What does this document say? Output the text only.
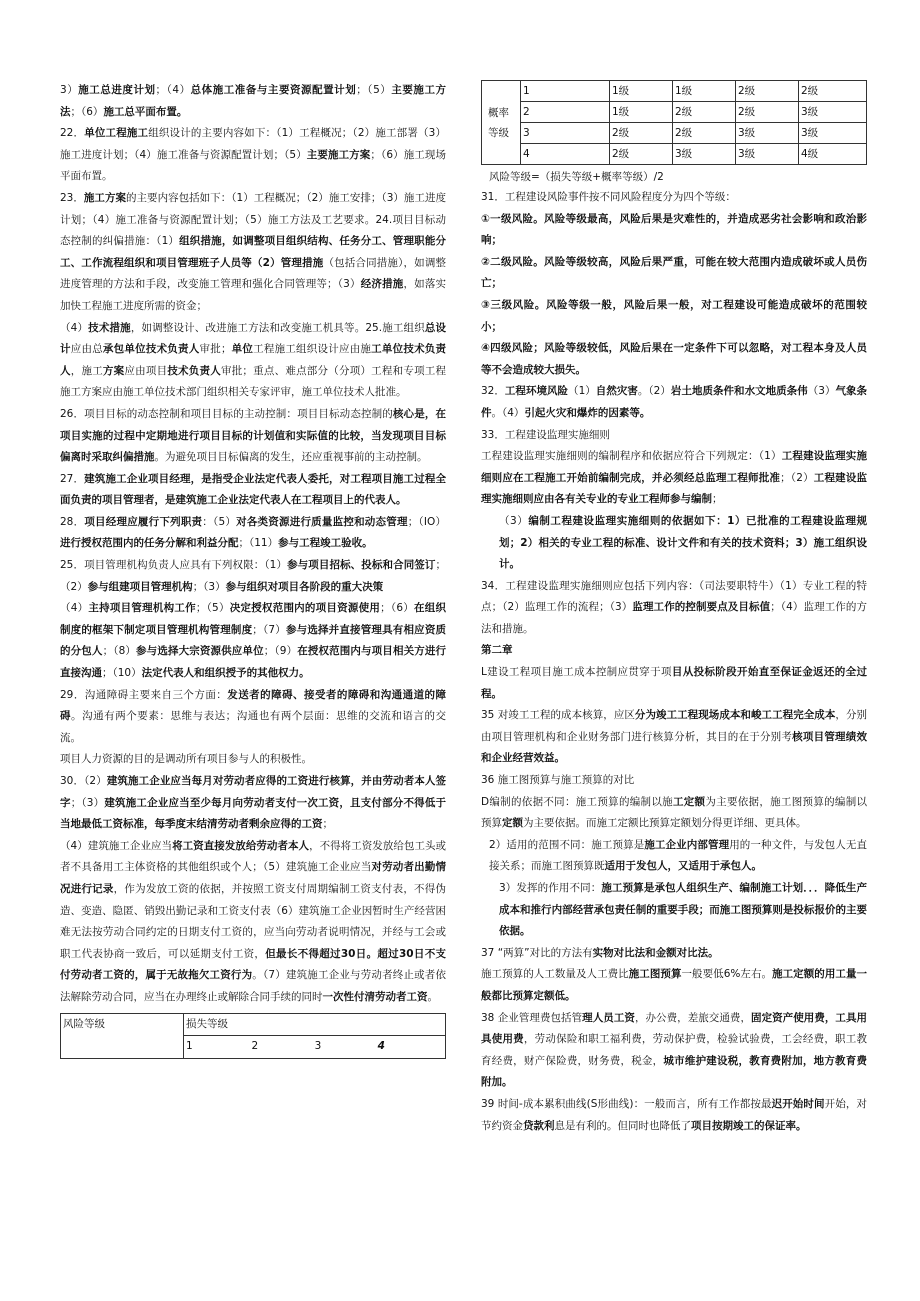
3）施工总进度计划；（4）总体施工准备与主要资源配置计划；（5）主要施工方法；（6）施工总平面布置。

22．单位工程施工组织设计的主要内容如下：（1）工程概况；（2）施工部署（3）施工进度计划；（4）施工准备与资源配置计划；（5）主要施工方案；（6）施工现场平面布置。

23．施工方案的主要内容包括如下：（1）工程概况；（2）施工安排；（3）施工进度计划；（4）施工准备与资源配置计划；（5）施工方法及工艺要求。24.项目目标动态控制的纠偏措施：（1）组织措施，如调整项目组织结构、任务分工、管理职能分工、工作流程组织和项目管理班子人员等（2）管理措施（包括合同措施），如调整进度管理的方法和手段，改变施工管理和强化合同管理等；（3）经济措施，如落实加快工程施工进度所需的资金；

（4）技术措施，如调整设计、改进施工方法和改变施工机具等。25.施工组织总设计应由总承包单位技术负责人审批；单位工程施工组织设计应由施工单位技术负责人，施工方案应由项目技术负责人审批；重点、难点部分（分项）工程和专项工程施工方案应由施工单位技术部门组织相关专家评审，施工单位技术人批准。

26．项目目标的动态控制和项目目标的主动控制：项目目标动态控制的核心是，在项目实施的过程中定期地进行项目目标的计划值和实际值的比较，当发现项目目标偏离时采取纠偏措施。为避免项目目标偏离的发生，还应重视事前的主动控制。

27．建筑施工企业项目经理，是指受企业法定代表人委托，对工程项目施工过程全面负责的项目管理者，是建筑施工企业法定代表人在工程项目上的代表人。

28．项目经理应履行下列职责：（5）对各类资源进行质量监控和动态管理；（IO）进行授权范围内的任务分解和利益分配；（11）参与工程竣工验收。

25．项目管理机构负责人应具有下列权限：（1）参与项目招标、投标和合同签订；（2）参与组建项目管理机构；（3）参与组织对项目各阶段的重大决策

（4）主持项目管理机构工作；（5）决定授权范围内的项目资源使用；（6）在组织制度的框架下制定项目管理机构管理制度；（7）参与选择并直接管理具有相应资质的分包人；（8）参与选择大宗资源供应单位；（9）在授权范围内与项目相关方进行直接沟通；（10）法定代表人和组织授予的其他权力。

29．沟通障碍主要来自三个方面：发送者的障碍、接受者的障碍和沟通通道的障碍。沟通有两个要素：思维与表达；沟通也有两个层面：思维的交流和语言的交流。

项目人力资源的目的是调动所有项目参与人的积极性。

30．（2）建筑施工企业应当每月对劳动者应得的工资进行核算，并由劳动者本人签字；（3）建筑施工企业应当至少每月向劳动者支付一次工资，且支付部分不得低于当地最低工资标准，每季度末结清劳动者剩余应得的工资；

（4）建筑施工企业应当将工资直接发放给劳动者本人，不得将工资发放给包工头或者不具备用工主体资格的其他组织或个人；（5）建筑施工企业应当对劳动者出勤情况进行记录，作为发放工资的依据，并按照工资支付周期编制工资支付表，不得伪造、变造、隐匿、销毁出勤记录和工资支付表（6）建筑施工企业因暂时生产经营困难无法按劳动合同约定的日期支付工资的，应当向劳动者说明情况，并经与工会或职工代表协商一致后，可以延期支付工资，但最长不得超过30日。超过30日不支付劳动者工资的，属于无故拖欠工资行为。（7）建筑施工企业与劳动者终止或者依法解除劳动合同，应当在办理终止或解除合同手续的同时一次性付清劳动者工资。

风险等级	损失等级			
	1	2	3	4
概率等级	1	1级	1级	2级	2级
	2	1级	2级	2级	3级
	3	2级	2级	3级	3级
	4	2级	3级	3级	4级

风险等级=（损失等级+概率等级）/2

31．工程建设风险事件按不同风险程度分为四个等级：

①一级风险。风险等级最高，风险后果是灾难性的，并造成恶劣社会影响和政治影响；

②二级风险。风险等级较高，风险后果严重，可能在较大范围内造成破坏或人员伤亡；

③三级风险。风险等级一般，风险后果一般，对工程建设可能造成破坏的范围较小；

④四级风险；风险等级较低，风险后果在一定条件下可以忽略，对工程本身及人员等不会造成较大损失。

32．工程环境风险（1）自然灾害。（2）岩土地质条件和水文地质条伟（3）气象条件。（4）引起火灾和爆炸的因素等。

33．工程建设监理实施细则

工程建设监理实施细则的编制程序和依据应符合下列规定：（1）工程建设监理实施细则应在工程施工开始前编制完成，并必须经总监理工程师批准；（2）工程建设监理实施细则应由各有关专业的专业工程师参与编制；

（3）编制工程建设监理实施细则的依据如下：1）已批准的工程建设监理规划；2）相关的专业工程的标准、设计文件和有关的技术资料；3）施工组织设计。

34．工程建设监理实施细则应包括下列内容：（司法要职特牛）（1）专业工程的特点；（2）监理工作的流程；（3）监理工作的控制要点及目标值；（4）监理工作的方法和措施。

第二章

L建设工程项目施工成本控制应贯穿于项目从投标阶段开始直至保证金返还的全过程。

35 对竣工工程的成本核算，应区分为竣工工程现场成本和峻工工程完全成本，分别由项目管理机构和企业财务部门进行核算分析，其目的在于分别考核项目管理绩效和企业经营效益。

36 施工图预算与施工预算的对比

D编制的依据不同：施工预算的编制以施工定额为主要依据，施工图预算的编制以预算定额为主要依据。而施工定额比预算定额划分得更详细、更具体。

2）适用的范围不同：施工预算是施工企业内部管理用的一种文件，与发包人无直接关系；而施工图预算既适用于发包人，又适用于承包人。

3）发挥的作用不同：施工预算是承包人组织生产、编制施工计划．．．降低生产成本和推行内部经营承包责任制的重要手段；而施工图预算则是投标报价的主要依据。

37 “两算”对比的方法有实物对比法和金额对比法。

施工预算的人工数量及人工费比施工图预算一般要低6%左右。施工定额的用工量一般都比预算定额低。

38 企业管理费包括管理人员工资，办公费，差旅交通费，固定资产使用费，工具用具使用费，劳动保险和职工福利费，劳动保护费，检验试验费，工会经费，职工教育经费，财产保险费，财务费，税金，城市维护建设税，教育费附加，地方教育费附加。

39 时间-成本累积曲线(S形曲线)：一般而言，所有工作都按最迟开始时间开始，对节约资金贷款利息是有利的。但同时也降低了项目按期竣工的保证率。
